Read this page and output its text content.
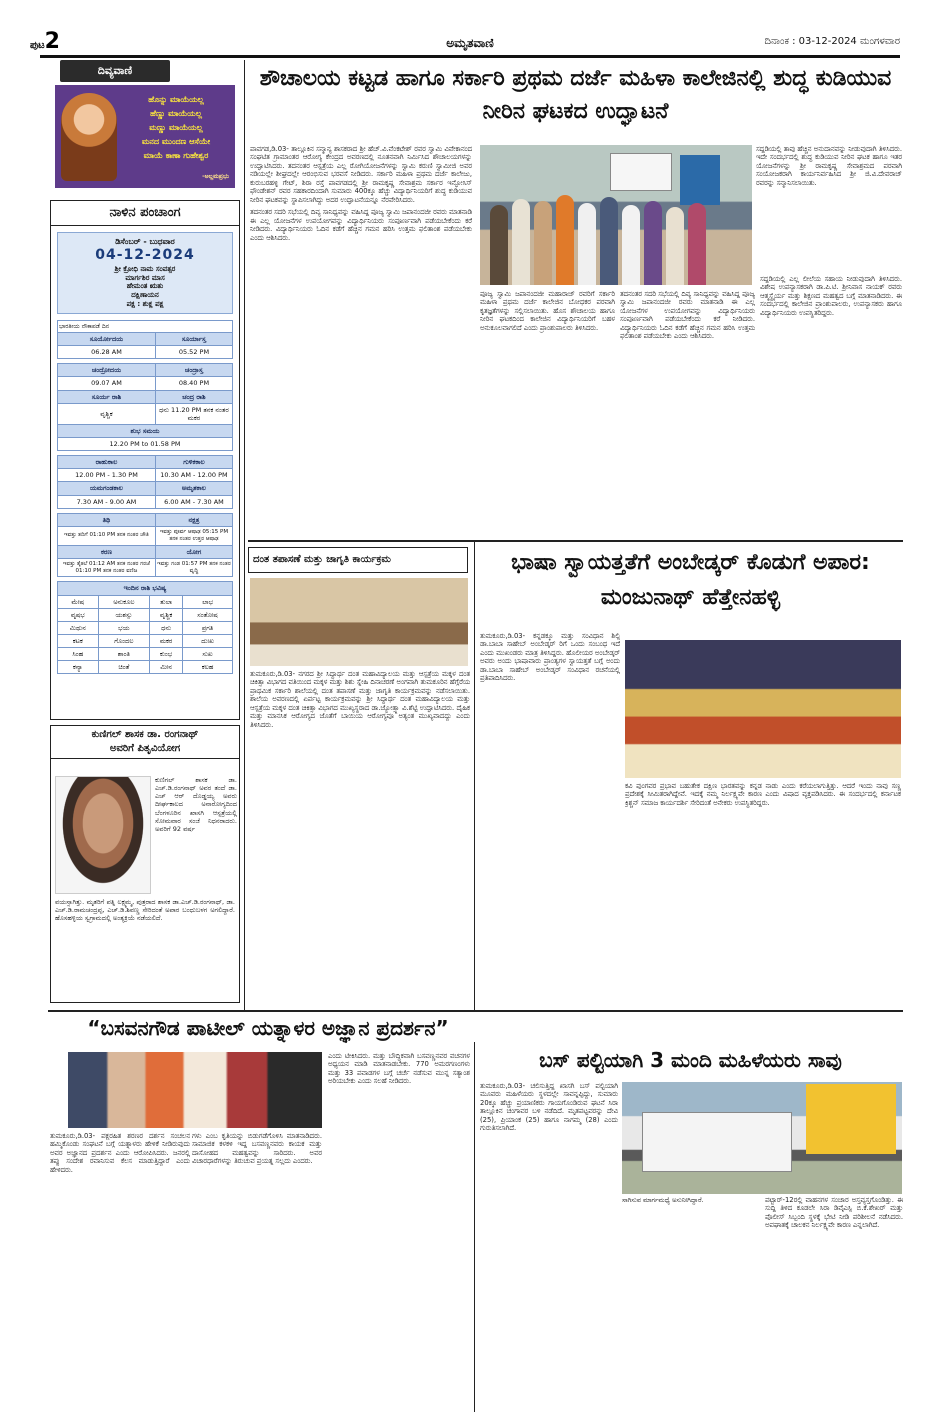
ಪುಟ2	ಅಮೃತವಾಣಿ	ದಿನಾಂಕ : 03-12-2024 ಮಂಗಳವಾರ
ದಿವ್ಯವಾಣಿ
ಹೊನ್ನು ಮಾಯೆಯಲ್ಲ
ಹೆಣ್ಣು ಮಾಯೆಯಲ್ಲ
ಮಣ್ಣು ಮಾಯೆಯಲ್ಲ
ಮನದ ಮುಂದಣ ಆಸೆಯೇ
ಮಾಯೆ ಕಾಣಾ ಗುಹೇಶ್ವರ
-ಅಲ್ಲಮಪ್ರಭು
ನಾಳಿನ ಪಂಚಾಂಗ
ಡಿಸೆಂಬರ್ - ಬುಧವಾರ
04-12-2024
ಶ್ರೀ ಕ್ರೋಧಿ ನಾಮ ಸಂವತ್ಸರ
ಮಾರ್ಗಶಿರ ಮಾಸ
ಹೇಮಂತ ಋತು
ದಕ್ಷಿಣಾಯನ
ಪಕ್ಷ : ಶುಕ್ಲ ಪಕ್ಷ
ಭಾರತೀಯ ನೌಕಾಪಡೆ ದಿನ	
ಸೂರ್ಯೋದಯ	ಸೂರ್ಯಾಸ್ತ
06.28 AM	05.52 PM

ಚಂದ್ರೋದಯ	ಚಂದ್ರಾಸ್ತ
09.07 AM	08.40 PM
ಸೂರ್ಯ ರಾಶಿ	ಚಂದ್ರ ರಾಶಿ
ವೃಶ್ಚಿಕ	ಧನು 11.20 PM ತನಕ ನಂತರ ಮಕರ
ಶುಭ ಸಮಯ	
12.20 PM to 01.58 PM	

ರಾಹುಕಾಲ	ಗುಳಿಕಕಾಲ
12.00 PM - 1.30 PM	10.30 AM - 12.00 PM
ಯಮಗಂಡಕಾಲ	ಅಮೃತಕಾಲ
7.30 AM - 9.00 AM	6.00 AM - 7.30 AM

ತಿಥಿ	ನಕ್ಷತ್ರ
ಇವತ್ತು ತದಿಗೆ 01:10 PM ತನಕ ನಂತರ ಚೌತಿ	ಇವತ್ತು ಪೂರ್ವ ಆಷಾಢ 05:15 PM ತನಕ ನಂತರ ಉತ್ತರ ಆಷಾಢ
ಕರಣ	ಯೋಗ
ಇವತ್ತು ತೈತಲೆ 01:12 AM ತನಕ ನಂತರ ಗರಜೆ 01:10 PM ತನಕ ನಂತರ ವಣಿಜ	ಇವತ್ತು ಗಂಡ 01:57 PM ತನಕ ನಂತರ ವೃದ್ಧಿ

ಇಂದಿನ ರಾಶಿ ಭವಿಷ್ಯ			
ಮೇಷ	ಅನುಕೂಲ	ತುಲಾ	ಲಾಭ
ವೃಷಭ	ಯಶಸ್ಸು	ವೃಶ್ಚಿಕ	ಸಂತೋಷ
ಮಿಥುನ	ಭಯ	ಧನು	ಪ್ರಗತಿ
ಕಟಕ	ಗೊಂದಲ	ಮಕರ	ದುಃಖ
ಸಿಂಹ	ಶಾಂತಿ	ಕುಂಭ	ಸುಖ
ಕನ್ಯಾ	ಚಿಂತೆ	ಮೀನ	ಕಲಹ
ಕುಣಿಗಲ್ ಶಾಸಕ ಡಾ. ರಂಗನಾಥ್
ಅವರಿಗೆ ಪಿತೃವಿಯೋಗ
ಕುಣಿಗಲ್ ಶಾಸಕ ಡಾ. ಎಚ್.ಡಿ.ರಂಗನಾಥ್ ಅವರ ತಂದೆ ಡಾ. ಎಚ್ ಆರ್ ದೊಡ್ಡಯ್ಯ ಅವರು ದೀರ್ಘಕಾಲದ ಅನಾರೋಗ್ಯದಿಂದ ಬೆಂಗಳೂರಿನ ಖಾಸಗಿ ಆಸ್ಪತ್ರೆಯಲ್ಲಿ ಸೋಮವಾರ ಸಂಜೆ ನಿಧನರಾದರು. ಅವರಿಗೆ 92 ವರ್ಷ
ವಯಸ್ಸಾಗಿತ್ತು. ಮೃತರಿಗೆ ಪತ್ನಿ ಲಕ್ಷ್ಮಮ್ಮ, ಪುತ್ರರಾದ ಶಾಸಕ ಡಾ.ಎಚ್.ಡಿ.ರಂಗನಾಥ್, ಡಾ. ಎಚ್.ಡಿ.ರಾಮಚಂದ್ರಪ್ಪ, ಎಚ್.ಡಿ.ಶಿವಣ್ಣ ಸೇರಿದಂತೆ ಅಪಾರ ಬಂಧುಬಳಗ ಅಗಲಿದ್ದಾರೆ. ಹೊಸಹಳ್ಳಿಯ ಸ್ವಗ್ರಾಮದಲ್ಲಿ ಅಂತ್ಯಕ್ರಿಯೆ ನಡೆಯಲಿದೆ.
ಶೌಚಾಲಯ ಕಟ್ಟಡ ಹಾಗೂ ಸರ್ಕಾರಿ ಪ್ರಥಮ ದರ್ಜೆ ಮಹಿಳಾ ಕಾಲೇಜಿನಲ್ಲಿ ಶುದ್ಧ ಕುಡಿಯುವ ನೀರಿನ ಘಟಕದ ಉದ್ಘಾಟನೆ

ಪಾವಗಡ,ಡಿ.03- ತಾಲ್ಲೂಕಿನ ಸನ್ಮಾನ್ಯ ಶಾಸಕರಾದ ಶ್ರೀ ಹೆಚ್.ವಿ.ವೆಂಕಟೇಶ್ ರವರ ಸ್ವಾಮಿ ವಿವೇಕಾನಂದ ಸಂಘಟಿತ ಗ್ರಾಮಾಂತರ ಆರೋಗ್ಯ ಕೇಂದ್ರದ ಅವರಣದಲ್ಲಿ ನೂತನವಾಗಿ ನಿರ್ಮಿಸಿದ ಶೌಚಾಲಯಗಳನ್ನು ಉದ್ಘಾಟಿಸಿದರು. ತದನಂತರ ಆಸ್ಪತ್ರೆಯ ಎಲ್ಲ ರೋಗಿಯೋಜನೆಗಳನ್ನು ಸ್ವಾಮಿ ಕರುಣಿ ಸ್ವಾಮೀಜಿ ಅವರ ನಡಿಯಲ್ಲೇ ಶೀಘ್ರದಲ್ಲೇ ಆರಂಭಿಸುವ ಭರವಸೆ ನೀಡಿದರು. ಸರ್ಕಾರಿ ಮಹಿಳಾ ಪ್ರಥಮ ದರ್ಜೆ ಕಾಲೇಜು, ಕುರುಬರಹಳ್ಳಿ ಗೇಟ್, ಶಿರಾ ರಸ್ತೆ ಪಾವಗಡದಲ್ಲಿ ಶ್ರೀ ರಾಮಕೃಷ್ಣ ಸೇವಾಶ್ರಮ ಸರ್ಕಾರ ಇನ್ಫೋಸಿಸ್ ಫೌಂಡೇಶನ್ ರವರ ಸಹಕಾರದಿಂದಾಗಿ ಸುಮಾರು 400ಕ್ಕೂ ಹೆಚ್ಚು ವಿದ್ಯಾರ್ಥಿನಿಯರಿಗೆ ಶುದ್ಧ ಕುಡಿಯುವ ನೀರಿನ ಘಟಕವನ್ನು ಸ್ಥಾಪಿಸಲಾಗಿದ್ದು ಅದರ ಉದ್ಘಾಟನೆಯನ್ನೂ ನೆರವೇರಿಸಿದರು.

ತದನಂತರ ಸದರಿ ಸಭೆಯಲ್ಲಿ ದಿವ್ಯ ಸಾನಿಧ್ಯವನ್ನು ವಹಿಸಿದ್ದ ಪೂಜ್ಯ ಸ್ವಾಮಿ ಜಪಾನಂದಜೀ ರವರು ಮಾತನಾಡಿ ಈ ಎಲ್ಲ ಯೋಜನೆಗಳ ಉಪಯೋಗವನ್ನು ವಿದ್ಯಾರ್ಥಿನಿಯರು ಸಂಪೂರ್ಣವಾಗಿ ಪಡೆಯಬೇಕೆಂದು ಕರೆ ನೀಡಿದರು. ವಿದ್ಯಾರ್ಥಿನಿಯರು ಓದಿನ ಕಡೆಗೆ ಹೆಚ್ಚಿನ ಗಮನ ಹರಿಸಿ ಉತ್ತಮ ಫಲಿತಾಂಶ ಪಡೆಯಬೇಕು ಎಂದು ಆಶಿಸಿದರು.

ಸದ್ದಡಿಯಲ್ಲಿ ತಾವು ಹೆಚ್ಚಿನ ಅನುದಾನವನ್ನು ನೀಡುವುದಾಗಿ ತಿಳಿಸಿದರು. ಇದೇ ಸಂದರ್ಭದಲ್ಲಿ ಶುದ್ಧ ಕುಡಿಯುವ ನೀರಿನ ಘಟಕ ಹಾಗೂ ಇತರ ಯೋಜನೆಗಳನ್ನು ಶ್ರೀ ರಾಮಕೃಷ್ಣ ಸೇವಾಶ್ರಮದ ಪರವಾಗಿ ಸಂಯೋಜಕರಾಗಿ ಕಾರ್ಯನಿರ್ವಹಿಸಿದ ಶ್ರೀ ಜಿ.ವಿ.ದೇವರಾಜ್ ರವರನ್ನು ಸನ್ಮಾನಿಸಲಾಯಿತು.
ಪೂಜ್ಯ ಸ್ವಾಮಿ ಜಪಾನಂದಜೀ ಮಹಾರಾಜ್ ರವರಿಗೆ ಸರ್ಕಾರಿ ಮಹಿಳಾ ಪ್ರಥಮ ದರ್ಜೆ ಕಾಲೇಜಿನ ಬೋಧಕರ ಪರವಾಗಿ ಕೃತಜ್ಞತೆಗಳನ್ನು ಸಲ್ಲಿಸಲಾಯಿತು. ಹೊಸ ಶೌಚಾಲಯ ಹಾಗೂ ನೀರಿನ ಘಟಕದಿಂದ ಕಾಲೇಜಿನ ವಿದ್ಯಾರ್ಥಿನಿಯರಿಗೆ ಬಹಳ ಅನುಕೂಲವಾಗಲಿದೆ ಎಂದು ಪ್ರಾಂಶುಪಾಲರು ತಿಳಿಸಿದರು.
ತದನಂತರ ಸದರಿ ಸಭೆಯಲ್ಲಿ ದಿವ್ಯ ಸಾನಿಧ್ಯವನ್ನು ವಹಿಸಿದ್ದ ಪೂಜ್ಯ ಸ್ವಾಮಿ ಜಪಾನಂದಜೀ ರವರು ಮಾತನಾಡಿ ಈ ಎಲ್ಲ ಯೋಜನೆಗಳ ಉಪಯೋಗವನ್ನು ವಿದ್ಯಾರ್ಥಿನಿಯರು ಸಂಪೂರ್ಣವಾಗಿ ಪಡೆಯಬೇಕೆಂದು ಕರೆ ನೀಡಿದರು. ವಿದ್ಯಾರ್ಥಿನಿಯರು ಓದಿನ ಕಡೆಗೆ ಹೆಚ್ಚಿನ ಗಮನ ಹರಿಸಿ ಉತ್ತಮ ಫಲಿತಾಂಶ ಪಡೆಯಬೇಕು ಎಂದು ಆಶಿಸಿದರು.
ಸದ್ದಡಿಯಲ್ಲಿ ಎಲ್ಲ ಲೀಲೆಯ ಸಹಾಯ ನೀಡುವುದಾಗಿ ತಿಳಿಸಿದರು. ವಿಶೇಷ ಉಪನ್ಯಾಸಕರಾಗಿ ಡಾ.ಪಿ.ಟಿ. ಶ್ರೀನಿವಾಸ ನಾಯಕ್ ರವರು ಆತ್ಮಸ್ಥೈರ್ಯ ಮತ್ತು ಶಿಕ್ಷಣದ ಮಹತ್ವದ ಬಗ್ಗೆ ಮಾತನಾಡಿದರು. ಈ ಸಂದರ್ಭದಲ್ಲಿ ಕಾಲೇಜಿನ ಪ್ರಾಂಶುಪಾಲರು, ಉಪನ್ಯಾಸಕರು ಹಾಗೂ ವಿದ್ಯಾರ್ಥಿನಿಯರು ಉಪಸ್ಥಿತರಿದ್ದರು.
ದಂತ ತಪಾಸಣೆ ಮತ್ತು ಜಾಗೃತಿ ಕಾರ್ಯಕ್ರಮ
ತುಮಕೂರು,ಡಿ.03- ನಗರದ ಶ್ರೀ ಸಿದ್ಧಾರ್ಥ ದಂತ ಮಹಾವಿದ್ಯಾಲಯ ಮತ್ತು ಆಸ್ಪತ್ರೆಯ ಮಕ್ಕಳ ದಂತ ಚಿಕಿತ್ಸಾ ವಿಭಾಗದ ವತಿಯಿಂದ ಮಕ್ಕಳ ಮತ್ತು ಶಿಶು ಸ್ನೇಹಿ ದಿನಾಚರಣೆ ಅಂಗವಾಗಿ ತುಮಕೂರಿನ ಹೆಗ್ಗೆರೆಯ ಪ್ರಾಥಮಿಕ ಸರ್ಕಾರಿ ಶಾಲೆಯಲ್ಲಿ ದಂತ ತಪಾಸಣೆ ಮತ್ತು ಜಾಗೃತಿ ಕಾರ್ಯಕ್ರಮವನ್ನು ನಡೆಸಲಾಯಿತು. ಶಾಲೆಯ ಅವರಣದಲ್ಲಿ ಏರ್ಪಟ್ಟ ಕಾರ್ಯಕ್ರಮವನ್ನು ಶ್ರೀ ಸಿದ್ಧಾರ್ಥ ದಂತ ಮಹಾವಿದ್ಯಾಲಯ ಮತ್ತು ಆಸ್ಪತ್ರೆಯ ಮಕ್ಕಳ ದಂತ ಚಿಕಿತ್ಸಾ ವಿಭಾಗದ ಮುಖ್ಯಸ್ಥರಾದ ಡಾ.ಜ್ಯೋತ್ಸ್ನಾ ವಿ.ಶೆಟ್ಟಿ ಉದ್ಘಾಟಿಸಿದರು. ದೈಹಿಕ ಮತ್ತು ಮಾನಸಿಕ ಆರೋಗ್ಯದ ಜೊತೆಗೆ ಬಾಯಿಯ ಆರೋಗ್ಯವೂ ಅತ್ಯಂತ ಮುಖ್ಯವಾದದ್ದು ಎಂದು ತಿಳಿಸಿದರು.
ಭಾಷಾ ಸ್ವಾಯತ್ತತೆಗೆ ಅಂಬೇಡ್ಕರ್ ಕೊಡುಗೆ ಅಪಾರ: ಮಂಜುನಾಥ್ ಹೆತ್ತೇನಹಳ್ಳಿ
ತುಮಕೂರು,ಡಿ.03- ಕನ್ನಡಕ್ಕೂ ಮತ್ತು ಸಂವಿಧಾನ ಶಿಲ್ಪಿ ಡಾ.ಬಾಬಾ ಸಾಹೇಬ್ ಅಂಬೇಡ್ಕರ್ ರಿಗೆ ಒಂದು ಸಂಬಂಧ ಇದೆ ಎಂದು ಮುಖಂಡರು ಮಾತ್ರ ತಿಳಿಸಿದ್ದರು. ಹೊಲೀಯರ ಅಂಬೇಡ್ಕರ್ ಅವರು ಅಂದು ಭಾಷಾವಾರು ಪ್ರಾಂತ್ಯಗಳ ಸ್ವಾಯತ್ತತೆ ಬಗ್ಗೆ ಅಂದು ಡಾ.ಬಾಬಾ ಸಾಹೇಬ್ ಅಂಬೇಡ್ಕರ್ ಸಂವಿಧಾನ ರಚನೆಯಲ್ಲಿ ಪ್ರತಿಪಾದಿಸಿದರು.
ಕವಿ ಪುಂಗವರ ಪ್ರಭಾವ ಬಹುತೇಕ ದಕ್ಷಿಣ ಭಾರತವನ್ನು ಕನ್ನಡ ನಾಡು ಎಂದು ಕರೆಯಲಾಗುತ್ತಿತ್ತು. ಆದರೆ ಇಂದು ನಾವು ಸಣ್ಣ ಪ್ರದೇಶಕ್ಕೆ ಸೀಮಿತರಾಗಿದ್ದೇವೆ. ಇದಕ್ಕೆ ನಮ್ಮ ನಿರ್ಲಕ್ಷ್ಯವೇ ಕಾರಣ ಎಂದು ವಿಷಾದ ವ್ಯಕ್ತಪಡಿಸಿದರು. ಈ ಸಂದರ್ಭದಲ್ಲಿ ಕರ್ನಾಟಕ ಕ್ರಿಶ್ಚನ್ ಸಮಾಜ ಕಾರ್ಯದರ್ಶಿ ಸೇರಿದಂತೆ ಅನೇಕರು ಉಪಸ್ಥಿತರಿದ್ದರು.
“ಬಸವನಗೌಡ ಪಾಟೀಲ್ ಯತ್ನಾಳರ ಅಜ್ಞಾನ ಪ್ರದರ್ಶನ”
ತುಮಕೂರು,ಡಿ.03- ಪಕ್ಷರಹಿತ ಶರಣರ ದರ್ಶನ ಸಂಚಲನ ಹಮ್ಮಿಕೊಂಡು ಸಂಘಟನೆ ಬಗ್ಗೆ ಯತ್ನಾಳರು ಹೇಳಿಕೆ ನೀಡಿರುವುದು ಅವರ ಅಜ್ಞಾನದ ಪ್ರದರ್ಶನ ಎಂದು ಆರೋಪಿಸಿದರು. ಜನರಲ್ಲಿ ತಪ್ಪು ಸಂದೇಶ ರವಾನಿಸುವ ಕೆಲಸ ಮಾಡುತ್ತಿದ್ದಾರೆ ಎಂದು ಹೇಳಿದರು.
ಗಳು ಎಂಬ ಕೃತಿಯನ್ನು ಬಿಡುಗಡೆಗೊಳಿಸಿ ಮಾತನಾಡಿದರು. ಸಾಮಾಜಿಕ ಕಳಕಳಿ ಇದ್ದ ಬಸವಣ್ಣನವರು ಕಾಯಕ ಮತ್ತು ದಾಸೋಹದ ಮಹತ್ವವನ್ನು ಸಾರಿದರು. ಅವರ ವಿಚಾರಧಾರೆಗಳನ್ನು ತಿರುಚುವ ಪ್ರಯತ್ನ ಸಲ್ಲದು ಎಂದರು.
ಎಂದು ಟೀಕಿಸಿದರು. ಮತ್ತು ಬೌದ್ಧಿಕವಾಗಿ ಬಸವಣ್ಣನವರ ವಚನಗಳ ಅಧ್ಯಯನ ಮಾಡಿ ಮಾತನಾಡಬೇಕು. 770 ಅಮರಗಣಂಗಳು ಮತ್ತು 33 ಪವಾಡಗಳ ಬಗ್ಗೆ ಚರ್ಚೆ ನಡೆಸುವ ಮುನ್ನ ಸತ್ಯಾಂಶ ಅರಿಯಬೇಕು ಎಂದು ಸಲಹೆ ನೀಡಿದರು.
ಬಸ್ ಪಲ್ಟಿಯಾಗಿ 3 ಮಂದಿ ಮಹಿಳೆಯರು ಸಾವು
ತುಮಕೂರು,ಡಿ.03- ಚಲಿಸುತ್ತಿದ್ದ ಖಾಸಗಿ ಬಸ್ ಪಲ್ಟಿಯಾಗಿ ಮೂವರು ಮಹಿಳೆಯರು ಸ್ಥಳದಲ್ಲೇ ಸಾವನ್ನಪ್ಪಿದ್ದು, ಸುಮಾರು 20ಕ್ಕೂ ಹೆಚ್ಚು ಪ್ರಯಾಣಿಕರು ಗಾಯಗೊಂಡಿರುವ ಘಟನೆ ಸಿರಾ ತಾಲ್ಲೂಕಿನ ಚಂಗಾವರ ಬಳಿ ನಡೆದಿದೆ. ಮೃತಪಟ್ಟವರನ್ನು ದೇವಿ (25), ಪ್ರಿಯಾಂಕ (25) ಹಾಗೂ ನಾಗಮ್ಮ (28) ಎಂದು ಗುರುತಿಸಲಾಗಿದೆ.
ಸಾಗಿಸುವ ಮಾರ್ಗಮಧ್ಯೆ ಅಸುನೀಗಿದ್ದಾರೆ.	ಪಟ್ಟಾರ್-12ರಲ್ಲಿ ವಾಹನಗಳ ಸಂಚಾರ ಅಸ್ತವ್ಯಸ್ತಗೊಂಡಿತ್ತು. ಈ ಸುದ್ದಿ ತಿಳಿದ ಕೂಡಲೇ ಸಿರಾ ಡಿವೈಎಸ್ಪಿ ಬಿ.ಕೆ.ಶೇಖರ್ ಮತ್ತು ಪೊಲೀಸ್ ಸಿಬ್ಬಂದಿ ಸ್ಥಳಕ್ಕೆ ಭೇಟಿ ನೀಡಿ ಪರಿಶೀಲನೆ ನಡೆಸಿದರು. ಅಪಘಾತಕ್ಕೆ ಚಾಲಕನ ನಿರ್ಲಕ್ಷ್ಯವೇ ಕಾರಣ ಎನ್ನಲಾಗಿದೆ.
